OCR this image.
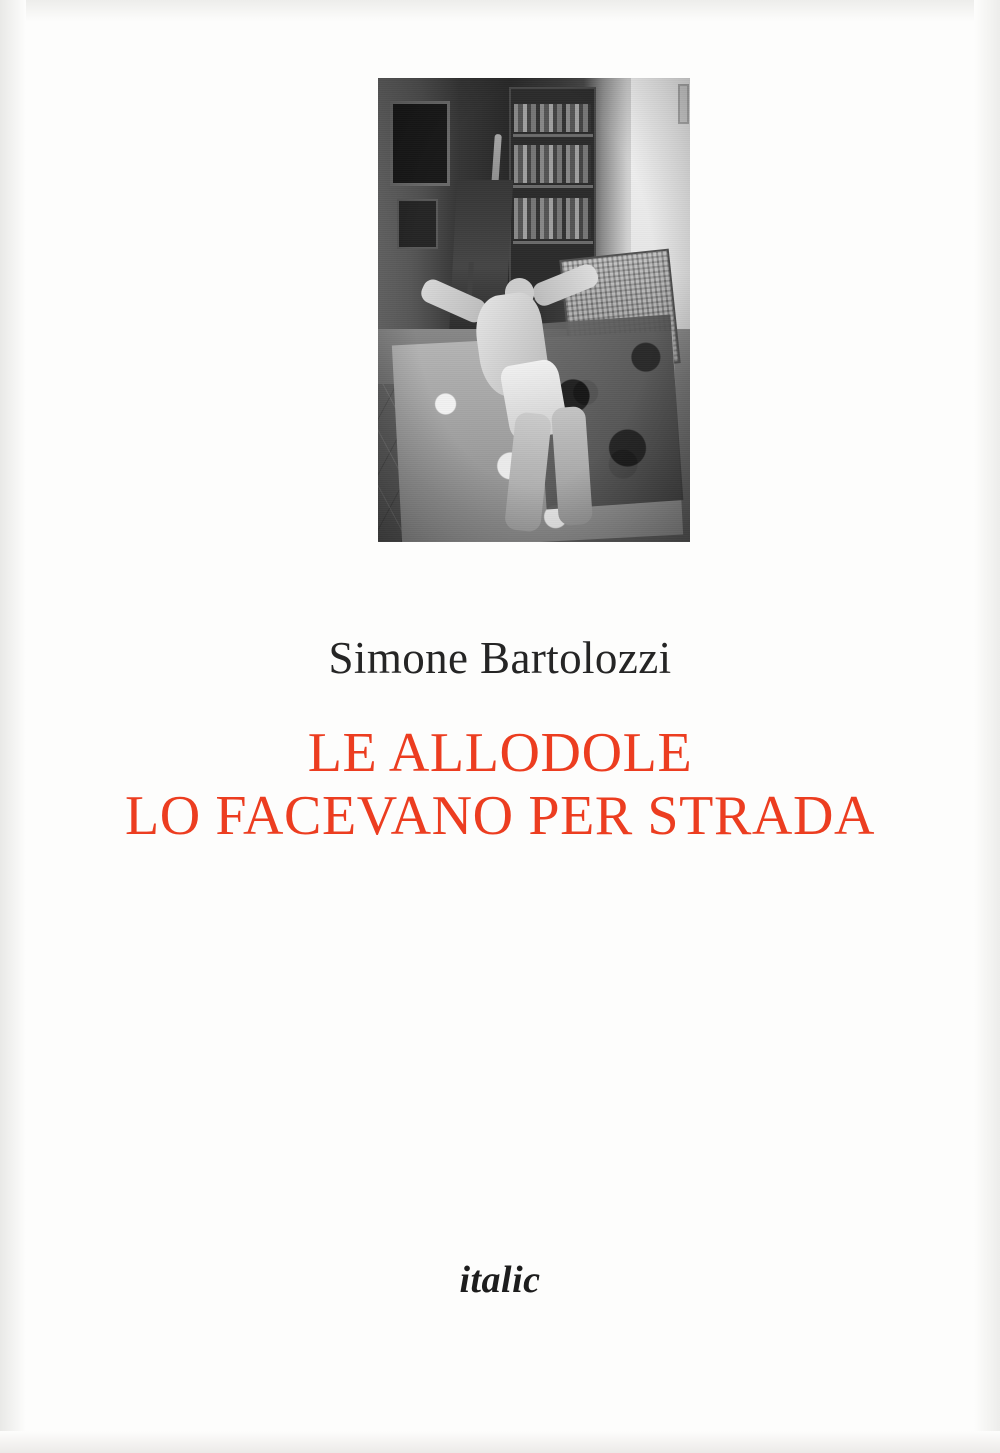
Simone Bartolozzi
LE ALLODOLE
LO FACEVANO PER STRADA
italic
